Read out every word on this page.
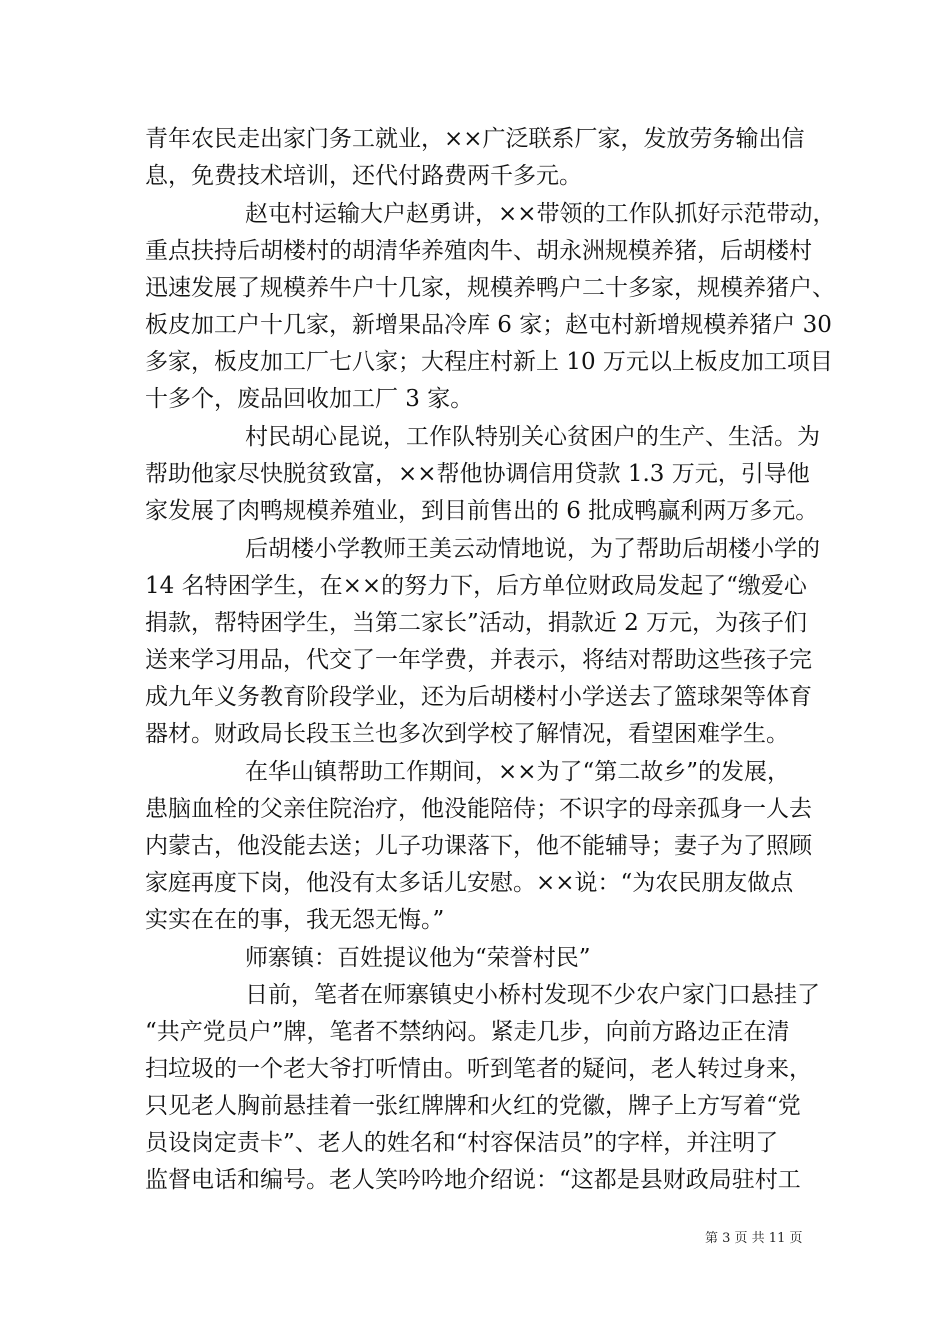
青年农民走出家门务工就业，××广泛联系厂家，发放劳务输出信
息，免费技术培训，还代付路费两千多元。
赵屯村运输大户赵勇讲，××带领的工作队抓好示范带动，
重点扶持后胡楼村的胡清华养殖肉牛、胡永洲规模养猪，后胡楼村
迅速发展了规模养牛户十几家，规模养鸭户二十多家，规模养猪户、
板皮加工户十几家，新增果品冷库 6 家；赵屯村新增规模养猪户 30
多家，板皮加工厂七八家；大程庄村新上 10 万元以上板皮加工项目
十多个，废品回收加工厂 3 家。
村民胡心昆说，工作队特别关心贫困户的生产、生活。为
帮助他家尽快脱贫致富，××帮他协调信用贷款 1.3 万元，引导他
家发展了肉鸭规模养殖业，到目前售出的 6 批成鸭赢利两万多元。
后胡楼小学教师王美云动情地说，为了帮助后胡楼小学的
14 名特困学生，在××的努力下，后方单位财政局发起了“缴爱心
捐款，帮特困学生，当第二家长”活动，捐款近 2 万元，为孩子们
送来学习用品，代交了一年学费，并表示，将结对帮助这些孩子完
成九年义务教育阶段学业，还为后胡楼村小学送去了篮球架等体育
器材。财政局长段玉兰也多次到学校了解情况，看望困难学生。
在华山镇帮助工作期间，××为了“第二故乡”的发展，
患脑血栓的父亲住院治疗，他没能陪侍；不识字的母亲孤身一人去
内蒙古，他没能去送；儿子功课落下，他不能辅导；妻子为了照顾
家庭再度下岗，他没有太多话儿安慰。××说：“为农民朋友做点
实实在在的事，我无怨无悔。”
师寨镇：百姓提议他为“荣誉村民”
日前，笔者在师寨镇史小桥村发现不少农户家门口悬挂了
“共产党员户”牌，笔者不禁纳闷。紧走几步，向前方路边正在清
扫垃圾的一个老大爷打听情由。听到笔者的疑问，老人转过身来，
只见老人胸前悬挂着一张红牌牌和火红的党徽，牌子上方写着“党
员设岗定责卡”、老人的姓名和“村容保洁员”的字样，并注明了
监督电话和编号。老人笑吟吟地介绍说：“这都是县财政局驻村工
第 3 页 共 11 页
